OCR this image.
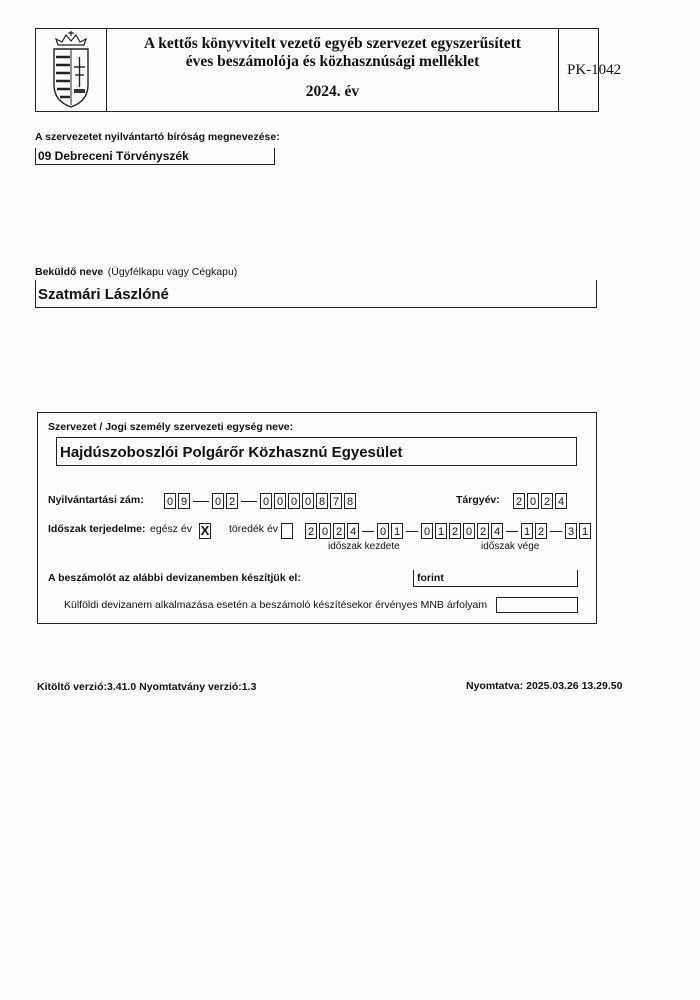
A kettős könyvvitelt vezető egyéb szervezet egyszerűsített
éves beszámolója és közhasznúsági melléklet
2024. év
PK-1042
A szervezetet nyilvántartó bíróság megnevezése:
09 Debreceni Törvényszék
Beküldő neve (Ügyfélkapu vagy Cégkapu)
Szatmári Lászlóné
Szervezet / Jogi személy szervezeti egység neve:
Hajdúszoboszlói Polgárőr Közhasznú Egyesület
Nyilvántartási zám: 0 9	0 2	0 0 0 0 8 7 8	Tárgyév: 2 0 2 4
Időszak terjedelme: egész év X töredék év	2 0 2 4 0 1 0 1
időszak kezdete
2 0 2 4 1 2 3 1
időszak vége
A beszámolót az alábbi devizanemben készítjük el:	forint
Külföldi devizanem alkalmazása esetén a beszámoló készítésekor érvényes MNB árfolyam
Kitöltő verzió:3.41.0 Nyomtatvány verzió:1.3	Nyomtatva: 2025.03.26 13.29.50
